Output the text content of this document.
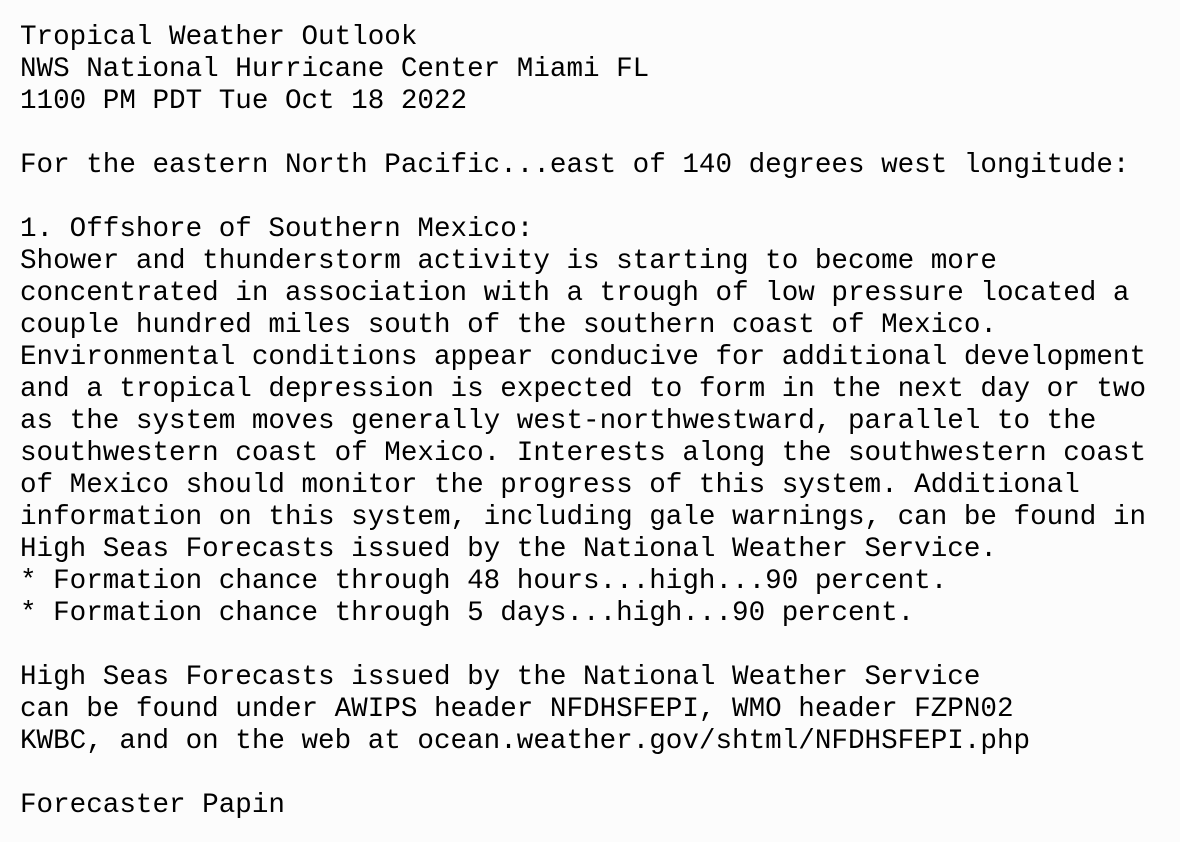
Tropical Weather Outlook
NWS National Hurricane Center Miami FL
1100 PM PDT Tue Oct 18 2022
For the eastern North Pacific...east of 140 degrees west longitude:
1. Offshore of Southern Mexico:
Shower and thunderstorm activity is starting to become more
concentrated in association with a trough of low pressure located a
couple hundred miles south of the southern coast of Mexico.
Environmental conditions appear conducive for additional development
and a tropical depression is expected to form in the next day or two
as the system moves generally west-northwestward, parallel to the
southwestern coast of Mexico. Interests along the southwestern coast
of Mexico should monitor the progress of this system. Additional
information on this system, including gale warnings, can be found in
High Seas Forecasts issued by the National Weather Service.
* Formation chance through 48 hours...high...90 percent.
* Formation chance through 5 days...high...90 percent.
High Seas Forecasts issued by the National Weather Service
can be found under AWIPS header NFDHSFEPI, WMO header FZPN02
KWBC, and on the web at ocean.weather.gov/shtml/NFDHSFEPI.php
Forecaster Papin
